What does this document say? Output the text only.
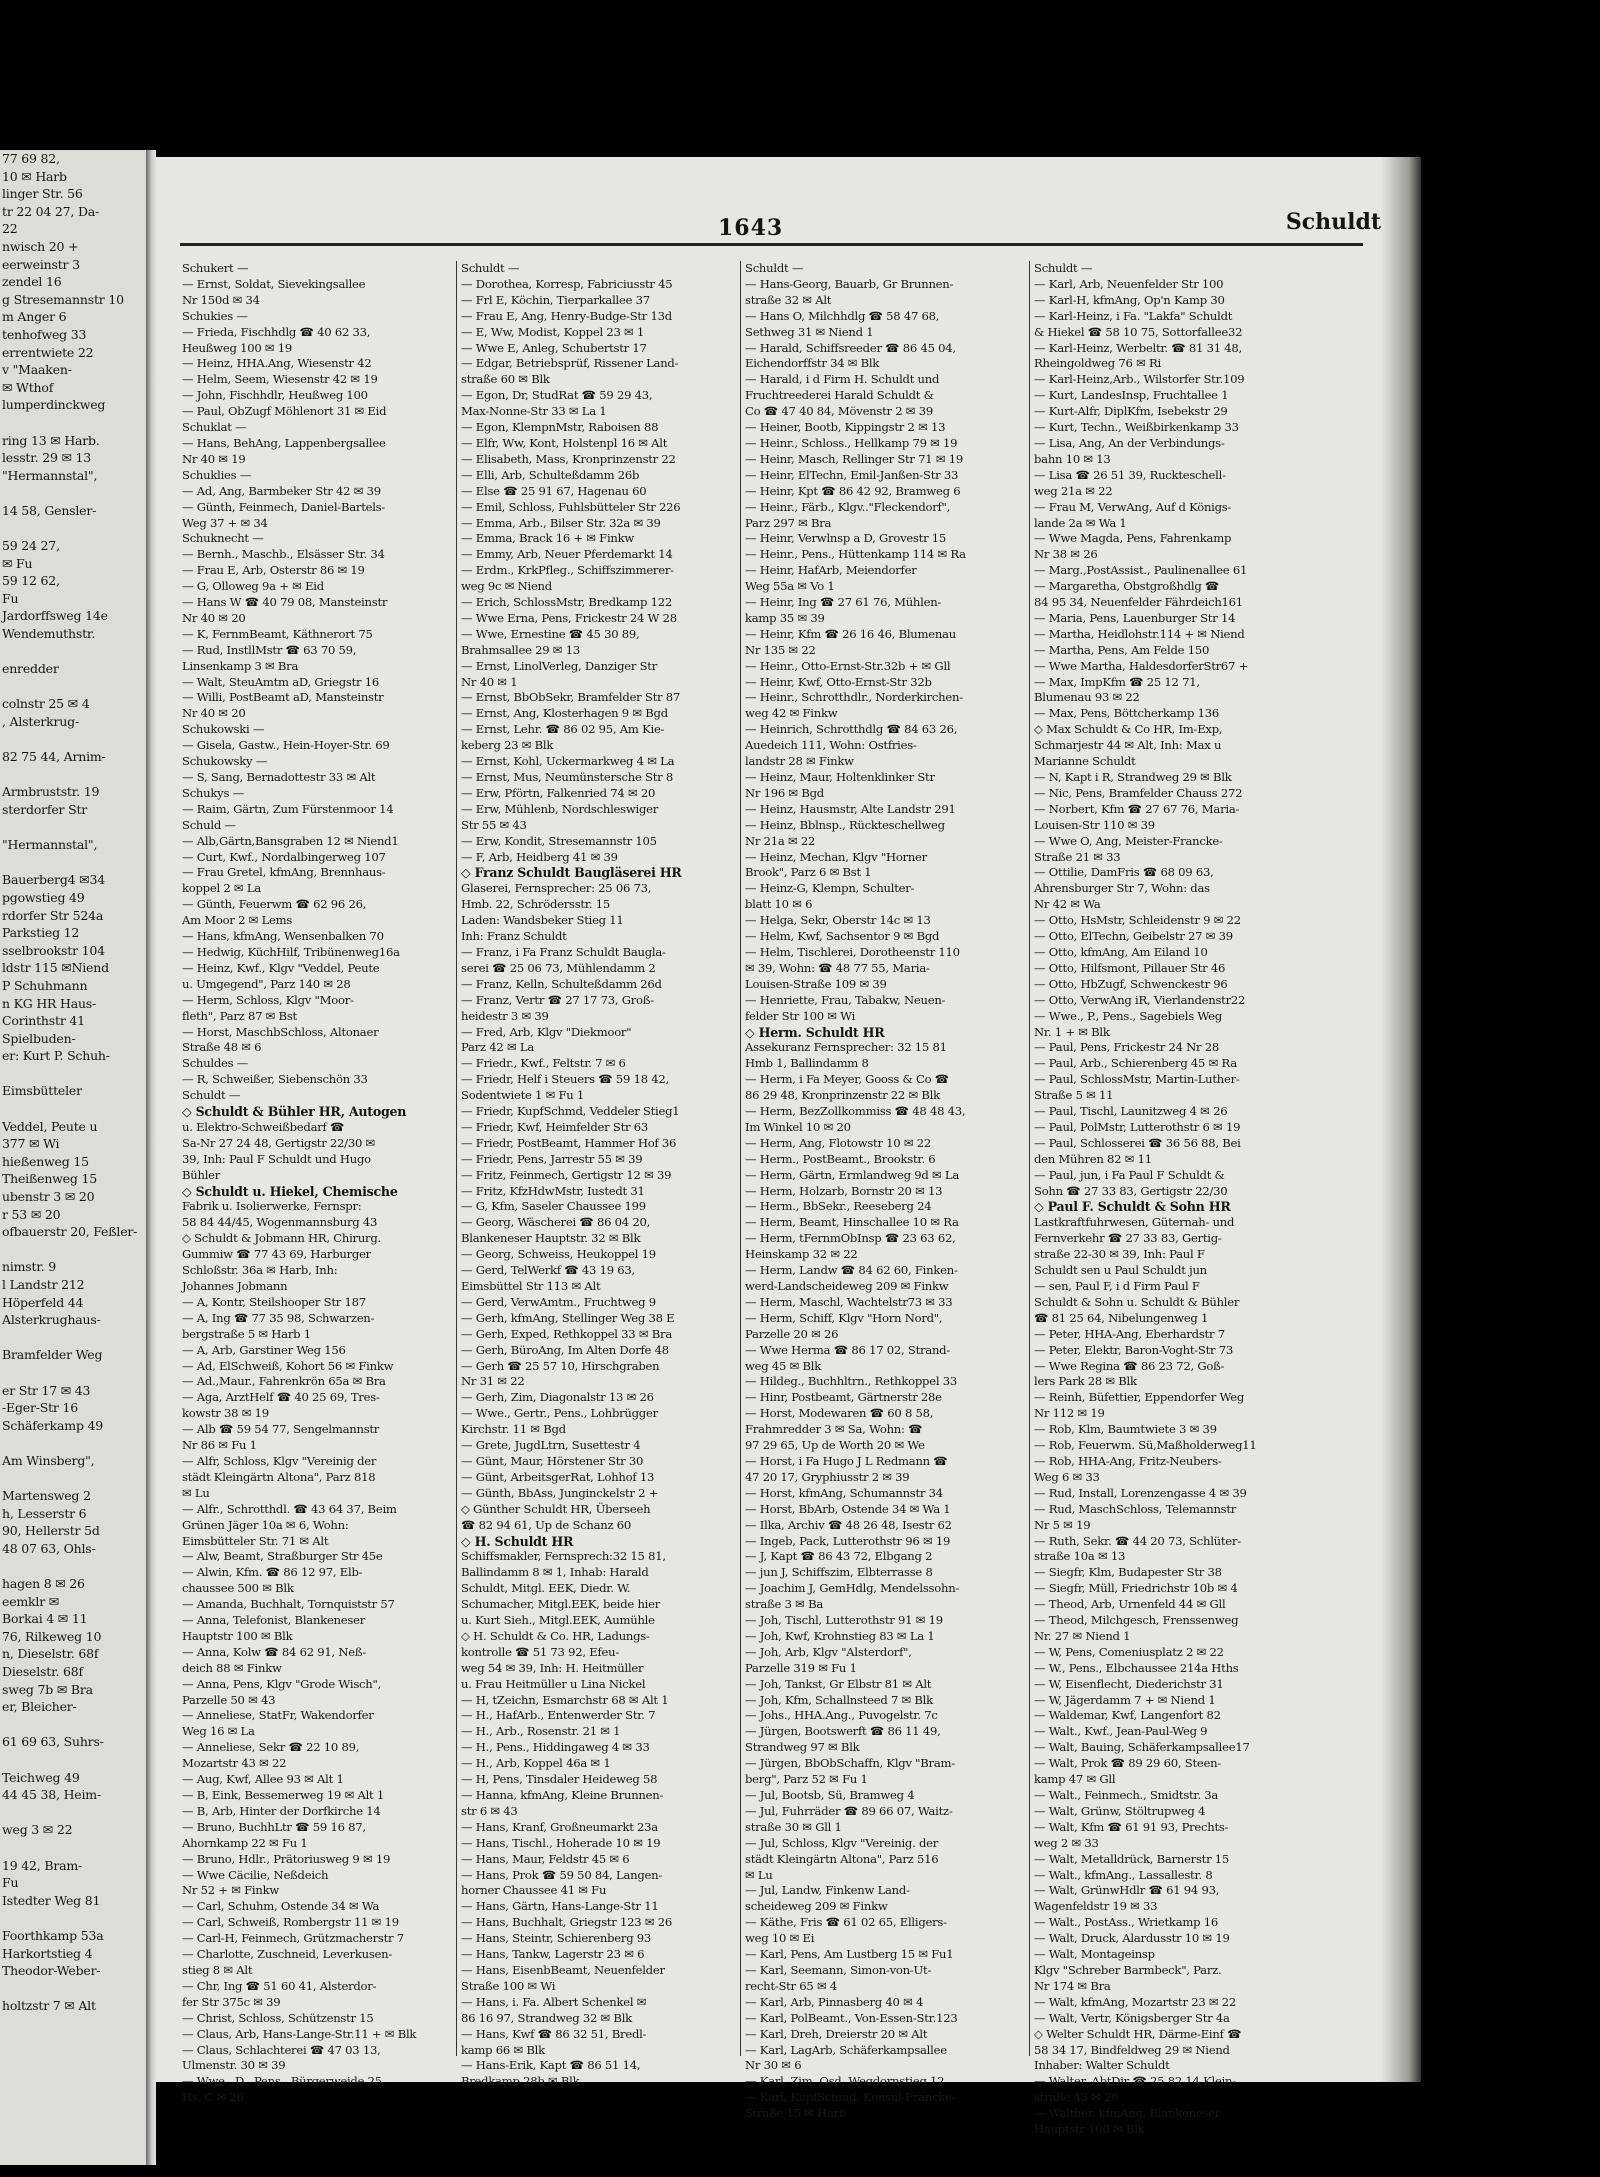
77 69 82,
10 ✉ Harb
linger Str. 56
tr 22 04 27, Da-
22
nwisch 20 +
eerweinstr 3
zendel 16
g Stresemannstr 10
m Anger 6
tenhofweg 33
errentwiete 22
v "Maaken-
✉ Wthof
lumperdinckweg

ring 13 ✉ Harb.
lesstr. 29 ✉ 13
"Hermannstal",

14 58, Gensler-

59 24 27,
✉ Fu
59 12 62,
Fu
Jardorffsweg 14e
Wendemuthstr.

enredder

colnstr 25 ✉ 4
, Alsterkrug-

82 75 44, Arnim-

Armbruststr. 19
sterdorfer Str

"Hermannstal",

Bauerberg4 ✉34
pgowstieg 49
rdorfer Str 524a
Parkstieg 12
sselbrookstr 104
ldstr 115 ✉Niend
P Schuhmann
n KG HR Haus-
Corinthstr 41
Spielbuden-
er: Kurt P. Schuh-

Eimsbütteler

Veddel, Peute u
377 ✉ Wi
hießenweg 15
Theißenweg 15
ubenstr 3 ✉ 20
r 53 ✉ 20
ofbauerstr 20, Feßler-

nimstr. 9
l Landstr 212
Höperfeld 44
Alsterkrughaus-

Bramfelder Weg

er Str 17 ✉ 43
-Eger-Str 16
Schäferkamp 49

Am Winsberg",

Martensweg 2
h, Lesserstr 6
90, Hellerstr 5d
48 07 63, Ohls-

hagen 8 ✉ 26
eemklr ✉
Borkai 4 ✉ 11
76, Rilkeweg 10
n, Dieselstr. 68f
Dieselstr. 68f
sweg 7b ✉ Bra
er, Bleicher-

61 69 63, Suhrs-

Teichweg 49
44 45 38, Heim-

weg 3 ✉ 22

19 42, Bram-
Fu
Istedter Weg 81

Foorthkamp 53a
Harkortstieg 4
Theodor-Weber-

holtzstr 7 ✉ Alt
1643	Schuldt
Schukert —
— Ernst, Soldat, Sievekingsallee
Nr 150d ✉ 34
Schukies —
— Frieda, Fischhdlg ☎ 40 62 33,
Heußweg 100 ✉ 19
— Heinz, HHA.Ang, Wiesenstr 42
— Helm, Seem, Wiesenstr 42 ✉ 19
— John, Fischhdlr, Heußweg 100
— Paul, ObZugf Möhlenort 31 ✉ Eid
Schuklat —
— Hans, BehAng, Lappenbergsallee
Nr 40 ✉ 19
Schuklies —
— Ad, Ang, Barmbeker Str 42 ✉ 39
— Günth, Feinmech, Daniel-Bartels-
Weg 37 + ✉ 34
Schuknecht —
— Bernh., Maschb., Elsässer Str. 34
— Frau E, Arb, Osterstr 86 ✉ 19
— G, Olloweg 9a + ✉ Eid
— Hans W ☎ 40 79 08, Mansteinstr
Nr 40 ✉ 20
— K, FernmBeamt, Käthnerort 75
— Rud, InstllMstr ☎ 63 70 59,
Linsenkamp 3 ✉ Bra
— Walt, SteuAmtm aD, Griegstr 16
— Willi, PostBeamt aD, Mansteinstr
Nr 40 ✉ 20
Schukowski —
— Gisela, Gastw., Hein-Hoyer-Str. 69
Schukowsky —
— S, Sang, Bernadottestr 33 ✉ Alt
Schukys —
— Raim, Gärtn, Zum Fürstenmoor 14
Schuld —
— Alb,Gärtn,Bansgraben 12 ✉ Niend1
— Curt, Kwf., Nordalbingerweg 107
— Frau Gretel, kfmAng, Brennhaus-
koppel 2 ✉ La
— Günth, Feuerwm ☎ 62 96 26,
Am Moor 2 ✉ Lems
— Hans, kfmAng, Wensenbalken 70
— Hedwig, KüchHilf, Tribünenweg16a
— Heinz, Kwf., Klgv "Veddel, Peute
u. Umgegend", Parz 140 ✉ 28
— Herm, Schloss, Klgv "Moor-
fleth", Parz 87 ✉ Bst
— Horst, MaschbSchloss, Altonaer
Straße 48 ✉ 6
Schuldes —
— R, Schweißer, Siebenschön 33
Schuldt —
◇ Schuldt & Bühler HR, Autogen
u. Elektro-Schweißbedarf ☎
Sa-Nr 27 24 48, Gertigstr 22/30 ✉
39, Inh: Paul F Schuldt und Hugo
Bühler
◇ Schuldt u. Hiekel, Chemische
Fabrik u. Isolierwerke, Fernspr:
58 84 44/45, Wogenmannsburg 43
◇ Schuldt & Jobmann HR, Chirurg.
Gummiw ☎ 77 43 69, Harburger
Schloßstr. 36a ✉ Harb, Inh:
Johannes Jobmann
— A, Kontr, Steilshooper Str 187
— A, Ing ☎ 77 35 98, Schwarzen-
bergstraße 5 ✉ Harb 1
— A, Arb, Garstiner Weg 156
— Ad, ElSchweiß, Kohort 56 ✉ Finkw
— Ad.,Maur., Fahrenkrön 65a ✉ Bra
— Aga, ArztHelf ☎ 40 25 69, Tres-
kowstr 38 ✉ 19
— Alb ☎ 59 54 77, Sengelmannstr
Nr 86 ✉ Fu 1
— Alfr, Schloss, Klgv "Vereinig der
städt Kleingärtn Altona", Parz 818
✉ Lu
— Alfr., Schrotthdl. ☎ 43 64 37, Beim
Grünen Jäger 10a ✉ 6, Wohn:
Eimsbütteler Str. 71 ✉ Alt
— Alw, Beamt, Straßburger Str 45e
— Alwin, Kfm. ☎ 86 12 97, Elb-
chaussee 500 ✉ Blk
— Amanda, Buchhalt, Tornquiststr 57
— Anna, Telefonist, Blankeneser
Hauptstr 100 ✉ Blk
— Anna, Kolw ☎ 84 62 91, Neß-
deich 88 ✉ Finkw
— Anna, Pens, Klgv "Grode Wisch",
Parzelle 50 ✉ 43
— Anneliese, StatFr, Wakendorfer
Weg 16 ✉ La
— Anneliese, Sekr ☎ 22 10 89,
Mozartstr 43 ✉ 22
— Aug, Kwf, Allee 93 ✉ Alt 1
— B, Eink, Bessemerweg 19 ✉ Alt 1
— B, Arb, Hinter der Dorfkirche 14
— Bruno, BuchhLtr ☎ 59 16 87,
Ahornkamp 22 ✉ Fu 1
— Bruno, Hdlr., Prätoriusweg 9 ✉ 19
— Wwe Cäcilie, Neßdeich
Nr 52 + ✉ Finkw
— Carl, Schuhm, Ostende 34 ✉ Wa
— Carl, Schweiß, Rombergstr 11 ✉ 19
— Carl-H, Feinmech, Grützmacherstr 7
— Charlotte, Zuschneid, Leverkusen-
stieg 8 ✉ Alt
— Chr, Ing ☎ 51 60 41, Alsterdor-
fer Str 375c ✉ 39
— Christ, Schloss, Schützenstr 15
— Claus, Arb, Hans-Lange-Str.11 + ✉ Blk
— Claus, Schlachterei ☎ 47 03 13,
Ulmenstr. 30 ✉ 39
— Wwe., D., Pens., Bürgerweide 25,
Hs. C ✉ 26
Schuldt —
— Dorothea, Korresp, Fabriciusstr 45
— Frl E, Köchin, Tierparkallee 37
— Frau E, Ang, Henry-Budge-Str 13d
— E, Ww, Modist, Koppel 23 ✉ 1
— Wwe E, Anleg, Schubertstr 17
— Edgar, Betriebsprüf, Rissener Land-
straße 60 ✉ Blk
— Egon, Dr, StudRat ☎ 59 29 43,
Max-Nonne-Str 33 ✉ La 1
— Egon, KlempnMstr, Raboisen 88
— Elfr, Ww, Kont, Holstenpl 16 ✉ Alt
— Elisabeth, Mass, Kronprinzenstr 22
— Elli, Arb, Schulteßdamm 26b
— Else ☎ 25 91 67, Hagenau 60
— Emil, Schloss, Fuhlsbütteler Str 226
— Emma, Arb., Bilser Str. 32a ✉ 39
— Emma, Brack 16 + ✉ Finkw
— Emmy, Arb, Neuer Pferdemarkt 14
— Erdm., KrkPfleg., Schiffszimmerer-
weg 9c ✉ Niend
— Erich, SchlossMstr, Bredkamp 122
— Wwe Erna, Pens, Frickestr 24 W 28
— Wwe, Ernestine ☎ 45 30 89,
Brahmsallee 29 ✉ 13
— Ernst, LinolVerleg, Danziger Str
Nr 40 ✉ 1
— Ernst, BbObSekr, Bramfelder Str 87
— Ernst, Ang, Klosterhagen 9 ✉ Bgd
— Ernst, Lehr. ☎ 86 02 95, Am Kie-
keberg 23 ✉ Blk
— Ernst, Kohl, Uckermarkweg 4 ✉ La
— Ernst, Mus, Neumünstersche Str 8
— Erw, Pförtn, Falkenried 74 ✉ 20
— Erw, Mühlenb, Nordschleswiger
Str 55 ✉ 43
— Erw, Kondit, Stresemannstr 105
— F, Arb, Heidberg 41 ✉ 39
◇ Franz Schuldt Baugläserei HR
Glaserei, Fernsprecher: 25 06 73,
Hmb. 22, Schrödersstr. 15
Laden: Wandsbeker Stieg 11
Inh: Franz Schuldt
— Franz, i Fa Franz Schuldt Baugla-
serei ☎ 25 06 73, Mühlendamm 2
— Franz, Kelln, Schulteßdamm 26d
— Franz, Vertr ☎ 27 17 73, Groß-
heidestr 3 ✉ 39
— Fred, Arb, Klgv "Diekmoor"
Parz 42 ✉ La
— Friedr., Kwf., Feltstr. 7 ✉ 6
— Friedr, Helf i Steuers ☎ 59 18 42,
Sodentwiete 1 ✉ Fu 1
— Friedr, KupfSchmd, Veddeler Stieg1
— Friedr, Kwf, Heimfelder Str 63
— Friedr, PostBeamt, Hammer Hof 36
— Friedr, Pens, Jarrestr 55 ✉ 39
— Fritz, Feinmech, Gertigstr 12 ✉ 39
— Fritz, KfzHdwMstr, Iustedt 31
— G, Kfm, Saseler Chaussee 199
— Georg, Wäscherei ☎ 86 04 20,
Blankeneser Hauptstr. 32 ✉ Blk
— Georg, Schweiss, Heukoppel 19
— Gerd, TelWerkf ☎ 43 19 63,
Eimsbüttel Str 113 ✉ Alt
— Gerd, VerwAmtm., Fruchtweg 9
— Gerh, kfmAng, Stellinger Weg 38 E
— Gerh, Exped, Rethkoppel 33 ✉ Bra
— Gerh, BüroAng, Im Alten Dorfe 48
— Gerh ☎ 25 57 10, Hirschgraben
Nr 31 ✉ 22
— Gerh, Zim, Diagonalstr 13 ✉ 26
— Wwe., Gertr., Pens., Lohbrügger
Kirchstr. 11 ✉ Bgd
— Grete, JugdLtrn, Susettestr 4
— Günt, Maur, Hörstener Str 30
— Günt, ArbeitsgerRat, Lohhof 13
— Günth, BbAss, Junginckelstr 2 +
◇ Günther Schuldt HR, Überseeh
☎ 82 94 61, Up de Schanz 60
◇ H. Schuldt HR
Schiffsmakler, Fernsprech:32 15 81,
Ballindamm 8 ✉ 1, Inhab: Harald
Schuldt, Mitgl. EEK, Diedr. W.
Schumacher, Mitgl.EEK, beide hier
u. Kurt Sieh., Mitgl.EEK, Aumühle
◇ H. Schuldt & Co. HR, Ladungs-
kontrolle ☎ 51 73 92, Efeu-
weg 54 ✉ 39, Inh: H. Heitmüller
u. Frau Heitmüller u Lina Nickel
— H, tZeichn, Esmarchstr 68 ✉ Alt 1
— H., HafArb., Entenwerder Str. 7
— H., Arb., Rosenstr. 21 ✉ 1
— H., Pens., Hiddingaweg 4 ✉ 33
— H., Arb, Koppel 46a ✉ 1
— H, Pens, Tinsdaler Heideweg 58
— Hanna, kfmAng, Kleine Brunnen-
str 6 ✉ 43
— Hans, Kranf, Großneumarkt 23a
— Hans, Tischl., Hoherade 10 ✉ 19
— Hans, Maur, Feldstr 45 ✉ 6
— Hans, Prok ☎ 59 50 84, Langen-
horner Chaussee 41 ✉ Fu
— Hans, Gärtn, Hans-Lange-Str 11
— Hans, Buchhalt, Griegstr 123 ✉ 26
— Hans, Steintr, Schierenberg 93
— Hans, Tankw, Lagerstr 23 ✉ 6
— Hans, EisenbBeamt, Neuenfelder
Straße 100 ✉ Wi
— Hans, i. Fa. Albert Schenkel ✉
86 16 97, Strandweg 32 ✉ Blk
— Hans, Kwf ☎ 86 32 51, Bredl-
kamp 66 ✉ Blk
— Hans-Erik, Kapt ☎ 86 51 14,
Bredkamp 28b ✉ Blk
Schuldt —
— Hans-Georg, Bauarb, Gr Brunnen-
straße 32 ✉ Alt
— Hans O, Milchhdlg ☎ 58 47 68,
Sethweg 31 ✉ Niend 1
— Harald, Schiffsreeder ☎ 86 45 04,
Eichendorffstr 34 ✉ Blk
— Harald, i d Firm H. Schuldt und
Fruchtreederei Harald Schuldt &
Co ☎ 47 40 84, Mövenstr 2 ✉ 39
— Heiner, Bootb, Kippingstr 2 ✉ 13
— Heinr., Schloss., Hellkamp 79 ✉ 19
— Heinr, Masch, Rellinger Str 71 ✉ 19
— Heinr, ElTechn, Emil-Janßen-Str 33
— Heinr, Kpt ☎ 86 42 92, Bramweg 6
— Heinr., Färb., Klgv.."Fleckendorf",
Parz 297 ✉ Bra
— Heinr, Verwlnsp a D, Grovestr 15
— Heinr., Pens., Hüttenkamp 114 ✉ Ra
— Heinr, HafArb, Meiendorfer
Weg 55a ✉ Vo 1
— Heinr, Ing ☎ 27 61 76, Mühlen-
kamp 35 ✉ 39
— Heinr, Kfm ☎ 26 16 46, Blumenau
Nr 135 ✉ 22
— Heinr., Otto-Ernst-Str.32b + ✉ Gll
— Heinr, Kwf, Otto-Ernst-Str 32b
— Heinr., Schrotthdlr., Norderkirchen-
weg 42 ✉ Finkw
— Heinrich, Schrotthdlg ☎ 84 63 26,
Auedeich 111, Wohn: Ostfries-
landstr 28 ✉ Finkw
— Heinz, Maur, Holtenklinker Str
Nr 196 ✉ Bgd
— Heinz, Hausmstr, Alte Landstr 291
— Heinz, Bblnsp., Rückteschellweg
Nr 21a ✉ 22
— Heinz, Mechan, Klgv "Horner
Brook", Parz 6 ✉ Bst 1
— Heinz-G, Klempn, Schulter-
blatt 10 ✉ 6
— Helga, Sekr, Oberstr 14c ✉ 13
— Helm, Kwf, Sachsentor 9 ✉ Bgd
— Helm, Tischlerei, Dorotheenstr 110
✉ 39, Wohn: ☎ 48 77 55, Maria-
Louisen-Straße 109 ✉ 39
— Henriette, Frau, Tabakw, Neuen-
felder Str 100 ✉ Wi
◇ Herm. Schuldt HR
Assekuranz Fernsprecher: 32 15 81
Hmb 1, Ballindamm 8
— Herm, i Fa Meyer, Gooss & Co ☎
86 29 48, Kronprinzenstr 22 ✉ Blk
— Herm, BezZollkommiss ☎ 48 48 43,
Im Winkel 10 ✉ 20
— Herm, Ang, Flotowstr 10 ✉ 22
— Herm., PostBeamt., Brookstr. 6
— Herm, Gärtn, Ermlandweg 9d ✉ La
— Herm, Holzarb, Bornstr 20 ✉ 13
— Herm., BbSekr., Reeseberg 24
— Herm, Beamt, Hinschallee 10 ✉ Ra
— Herm, tFernmObInsp ☎ 23 63 62,
Heinskamp 32 ✉ 22
— Herm, Landw ☎ 84 62 60, Finken-
werd-Landscheideweg 209 ✉ Finkw
— Herm, Maschl, Wachtelstr73 ✉ 33
— Herm, Schiff, Klgv "Horn Nord",
Parzelle 20 ✉ 26
— Wwe Herma ☎ 86 17 02, Strand-
weg 45 ✉ Blk
— Hildeg., Buchhltrn., Rethkoppel 33
— Hinr, Postbeamt, Gärtnerstr 28e
— Horst, Modewaren ☎ 60 8 58,
Frahmredder 3 ✉ Sa, Wohn: ☎
97 29 65, Up de Worth 20 ✉ We
— Horst, i Fa Hugo J L Redmann ☎
47 20 17, Gryphiusstr 2 ✉ 39
— Horst, kfmAng, Schumannstr 34
— Horst, BbArb, Ostende 34 ✉ Wa 1
— Ilka, Archiv ☎ 48 26 48, Isestr 62
— Ingeb, Pack, Lutterothstr 96 ✉ 19
— J, Kapt ☎ 86 43 72, Elbgang 2
— jun J, Schiffszim, Elbterrasse 8
— Joachim J, GemHdlg, Mendelssohn-
straße 3 ✉ Ba
— Joh, Tischl, Lutterothstr 91 ✉ 19
— Joh, Kwf, Krohnstieg 83 ✉ La 1
— Joh, Arb, Klgv "Alsterdorf",
Parzelle 319 ✉ Fu 1
— Joh, Tankst, Gr Elbstr 81 ✉ Alt
— Joh, Kfm, Schallnsteed 7 ✉ Blk
— Johs., HHA.Ang., Puvogelstr. 7c
— Jürgen, Bootswerft ☎ 86 11 49,
Strandweg 97 ✉ Blk
— Jürgen, BbObSchaffn, Klgv "Bram-
berg", Parz 52 ✉ Fu 1
— Jul, Bootsb, Sü, Bramweg 4
— Jul, Fuhrräder ☎ 89 66 07, Waitz-
straße 30 ✉ Gll 1
— Jul, Schloss, Klgv "Vereinig. der
städt Kleingärtn Altona", Parz 516
✉ Lu
— Jul, Landw, Finkenw Land-
scheideweg 209 ✉ Finkw
— Käthe, Fris ☎ 61 02 65, Elligers-
weg 10 ✉ Ei
— Karl, Pens, Am Lustberg 15 ✉ Fu1
— Karl, Seemann, Simon-von-Ut-
recht-Str 65 ✉ 4
— Karl, Arb, Pinnasberg 40 ✉ 4
— Karl, PolBeamt., Von-Essen-Str.123
— Karl, Dreh, Dreierstr 20 ✉ Alt
— Karl, LagArb, Schäferkampsallee
Nr 30 ✉ 6
— Karl, Zim, Osd, Wegdornstieg 12
— Karl, KupfSchmd, Konsul-Francke-
Straße 15 ✉ Harb
Schuldt —
— Karl, Arb, Neuenfelder Str 100
— Karl-H, kfmAng, Op'n Kamp 30
— Karl-Heinz, i Fa. "Lakfa" Schuldt
& Hiekel ☎ 58 10 75, Sottorfallee32
— Karl-Heinz, Werbeltr. ☎ 81 31 48,
Rheingoldweg 76 ✉ Ri
— Karl-Heinz,Arb., Wilstorfer Str.109
— Kurt, LandesInsp, Fruchtallee 1
— Kurt-Alfr, DiplKfm, Isebekstr 29
— Kurt, Techn., Weißbirkenkamp 33
— Lisa, Ang, An der Verbindungs-
bahn 10 ✉ 13
— Lisa ☎ 26 51 39, Ruckteschell-
weg 21a ✉ 22
— Frau M, VerwAng, Auf d Königs-
lande 2a ✉ Wa 1
— Wwe Magda, Pens, Fahrenkamp
Nr 38 ✉ 26
— Marg.,PostAssist., Paulinenallee 61
— Margaretha, Obstgroßhdlg ☎
84 95 34, Neuenfelder Fährdeich161
— Maria, Pens, Lauenburger Str 14
— Martha, Heidlohstr.114 + ✉ Niend
— Martha, Pens, Am Felde 150
— Wwe Martha, HaldesdorferStr67 +
— Max, ImpKfm ☎ 25 12 71,
Blumenau 93 ✉ 22
— Max, Pens, Böttcherkamp 136
◇ Max Schuldt & Co HR, Im-Exp,
Schmarjestr 44 ✉ Alt, Inh: Max u
Marianne Schuldt
— N, Kapt i R, Strandweg 29 ✉ Blk
— Nic, Pens, Bramfelder Chauss 272
— Norbert, Kfm ☎ 27 67 76, Maria-
Louisen-Str 110 ✉ 39
— Wwe O, Ang, Meister-Francke-
Straße 21 ✉ 33
— Ottilie, DamFris ☎ 68 09 63,
Ahrensburger Str 7, Wohn: das
Nr 42 ✉ Wa
— Otto, HsMstr, Schleidenstr 9 ✉ 22
— Otto, ElTechn, Geibelstr 27 ✉ 39
— Otto, kfmAng, Am Eiland 10
— Otto, Hilfsmont, Pillauer Str 46
— Otto, HbZugf, Schwenckestr 96
— Otto, VerwAng iR, Vierlandenstr22
— Wwe., P., Pens., Sagebiels Weg
Nr. 1 + ✉ Blk
— Paul, Pens, Frickestr 24 Nr 28
— Paul, Arb., Schierenberg 45 ✉ Ra
— Paul, SchlossMstr, Martin-Luther-
Straße 5 ✉ 11
— Paul, Tischl, Launitzweg 4 ✉ 26
— Paul, PolMstr, Lutterothstr 6 ✉ 19
— Paul, Schlosserei ☎ 36 56 88, Bei
den Mühren 82 ✉ 11
— Paul, jun, i Fa Paul F Schuldt &
Sohn ☎ 27 33 83, Gertigstr 22/30
◇ Paul F. Schuldt & Sohn HR
Lastkraftfuhrwesen, Güternah- und
Fernverkehr ☎ 27 33 83, Gertig-
straße 22-30 ✉ 39, Inh: Paul F
Schuldt sen u Paul Schuldt jun
— sen, Paul F, i d Firm Paul F
Schuldt & Sohn u. Schuldt & Bühler
☎ 81 25 64, Nibelungenweg 1
— Peter, HHA-Ang, Eberhardstr 7
— Peter, Elektr, Baron-Voght-Str 73
— Wwe Regina ☎ 86 23 72, Goß-
lers Park 28 ✉ Blk
— Reinh, Büfettier, Eppendorfer Weg
Nr 112 ✉ 19
— Rob, Klm, Baumtwiete 3 ✉ 39
— Rob, Feuerwm. Sü,Maßholderweg11
— Rob, HHA-Ang, Fritz-Neubers-
Weg 6 ✉ 33
— Rud, Install, Lorenzengasse 4 ✉ 39
— Rud, MaschSchloss, Telemannstr
Nr 5 ✉ 19
— Ruth, Sekr. ☎ 44 20 73, Schlüter-
straße 10a ✉ 13
— Siegfr, Klm, Budapester Str 38
— Siegfr, Müll, Friedrichstr 10b ✉ 4
— Theod, Arb, Urnenfeld 44 ✉ Gll
— Theod, Milchgesch, Frenssenweg
Nr. 27 ✉ Niend 1
— W, Pens, Comeniusplatz 2 ✉ 22
— W., Pens., Elbchaussee 214a Hths
— W, Eisenflecht, Diederichstr 31
— W, Jägerdamm 7 + ✉ Niend 1
— Waldemar, Kwf, Langenfort 82
— Walt., Kwf., Jean-Paul-Weg 9
— Walt, Bauing, Schäferkampsallee17
— Walt, Prok ☎ 89 29 60, Steen-
kamp 47 ✉ Gll
— Walt., Feinmech., Smidtstr. 3a
— Walt, Grünw, Stöltrupweg 4
— Walt, Kfm ☎ 61 91 93, Prechts-
weg 2 ✉ 33
— Walt, Metalldrück, Barnerstr 15
— Walt., kfmAng., Lassallestr. 8
— Walt, GrünwHdlr ☎ 61 94 93,
Wagenfeldstr 19 ✉ 33
— Walt., PostAss., Wrietkamp 16
— Walt, Druck, Alardusstr 10 ✉ 19
— Walt, Montageinsp
Klgv "Schreber Barmbeck", Parz.
Nr 174 ✉ Bra
— Walt, kfmAng, Mozartstr 23 ✉ 22
— Walt, Vertr, Königsberger Str 4a
◇ Welter Schuldt HR, Därme-Einf ☎
58 34 17, Bindfeldweg 29 ✉ Niend
Inhaber: Walter Schuldt
— Walter, AbtDir ☎ 25 82 14,Klein-
straße 43 ✉ 26
— Walther, kfmAng, Blankeneser
Hauptstr 100 ✉ Blk
